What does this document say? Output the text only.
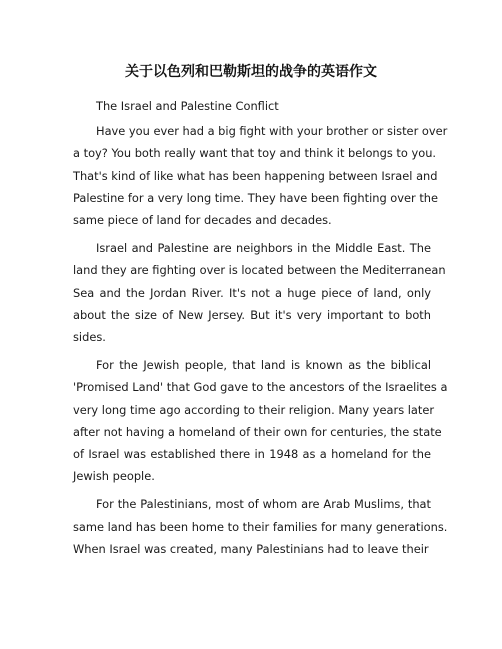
关于以色列和巴勒斯坦的战争的英语作文

The Israel and Palestine Conflict

Have you ever had a big fight with your brother or sister over
a toy? You both really want that toy and think it belongs to you.
That's kind of like what has been happening between Israel and
Palestine for a very long time. They have been fighting over the
same piece of land for decades and decades.

Israel and Palestine are neighbors in the Middle East. The
land they are fighting over is located between the Mediterranean
Sea and the Jordan River. It's not a huge piece of land, only
about the size of New Jersey. But it's very important to both
sides.

For the Jewish people, that land is known as the biblical
'Promised Land' that God gave to the ancestors of the Israelites a
very long time ago according to their religion. Many years later
after not having a homeland of their own for centuries, the state
of Israel was established there in 1948 as a homeland for the
Jewish people.

For the Palestinians, most of whom are Arab Muslims, that
same land has been home to their families for many generations.
When Israel was created, many Palestinians had to leave their
